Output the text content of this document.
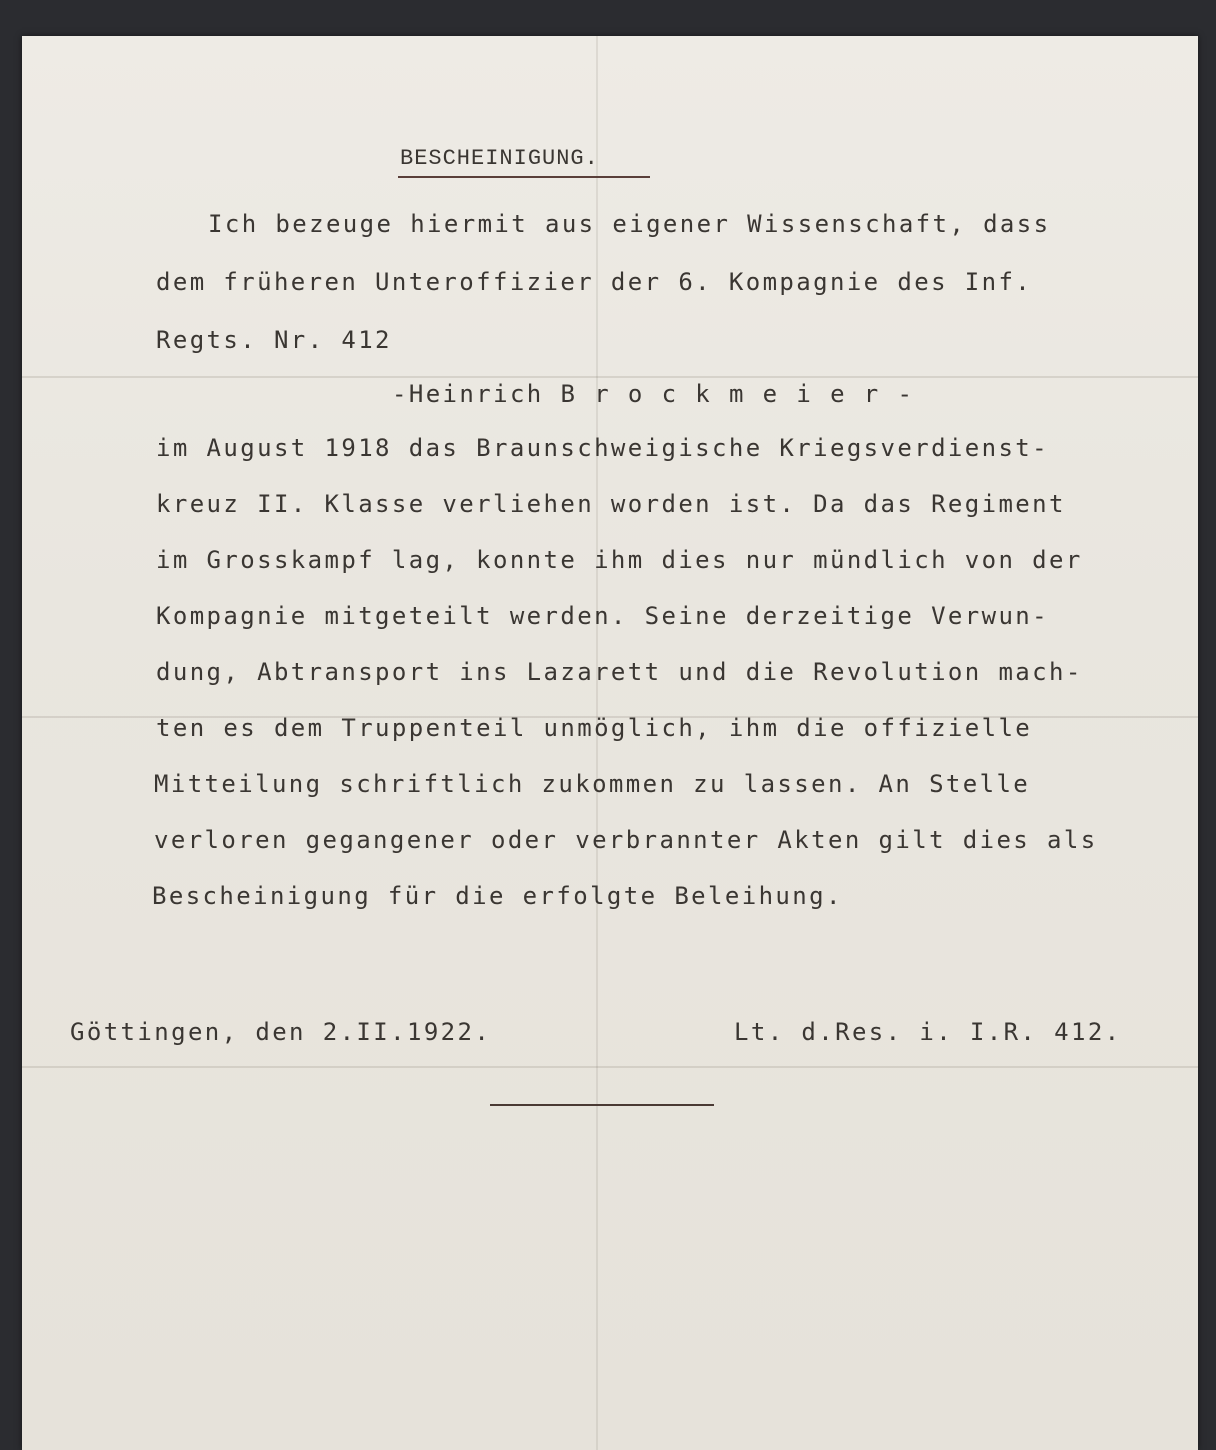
BESCHEINIGUNG.
Ich bezeuge hiermit aus eigener Wissenschaft, dass
dem früheren Unteroffizier der 6. Kompagnie des Inf.
Regts. Nr. 412
-Heinrich B r o c k m e i e r -
im August 1918 das Braunschweigische Kriegsverdienst-
kreuz II. Klasse verliehen worden ist. Da das Regiment
im Grosskampf lag, konnte ihm dies nur mündlich von der
Kompagnie mitgeteilt werden. Seine derzeitige Verwun-
dung, Abtransport ins Lazarett und die Revolution mach-
ten es dem Truppenteil unmöglich, ihm die offizielle
Mitteilung schriftlich zukommen zu lassen. An Stelle
verloren gegangener oder verbrannter Akten gilt dies als
Bescheinigung für die erfolgte Beleihung.
Göttingen, den 2.II.1922.	Lt. d.Res. i. I.R. 412.
